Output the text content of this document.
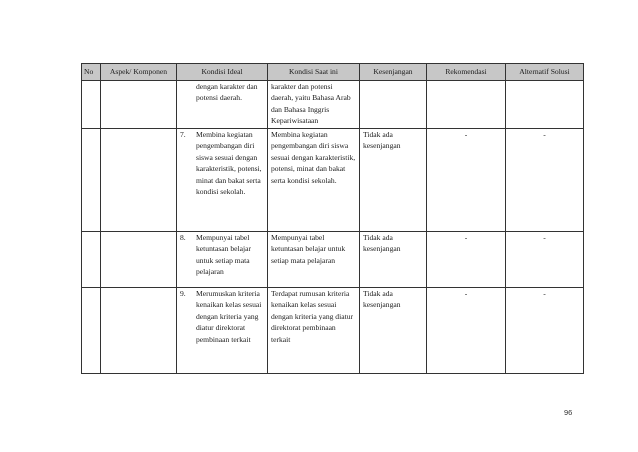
No	Aspek/ Komponen	Kondisi Ideal	Kondisi Saat ini	Kesenjangan	Rekomendasi	Alternatif Solusi

		dengan karakter dan potensi daerah.	karakter dan potensi daerah, yaitu Bahasa Arab dan Bahasa Inggris Kepariwisataan			

		7. Membina kegiatan pengembangan diri siswa sesuai dengan karakteristik, potensi, minat dan bakat serta kondisi sekolah.	Membina kegiatan pengembangan diri siswa sesuai dengan karakteristik, potensi, minat dan bakat serta kondisi sekolah.	Tidak ada kesenjangan	-	-

		8. Mempunyai tabel ketuntasan belajar untuk setiap mata pelajaran	Mempunyai tabel ketuntasan belajar untuk setiap mata pelajaran	Tidak ada kesenjangan	-	-

		9. Merumuskan kriteria kenaikan kelas sesuai dengan kriteria yang diatur direktorat pembinaan terkait	Terdapat rumusan kriteria kenaikan kelas sesuai dengan kriteria yang diatur direktorat pembinaan terkait	Tidak ada kesenjangan	-	-
96
